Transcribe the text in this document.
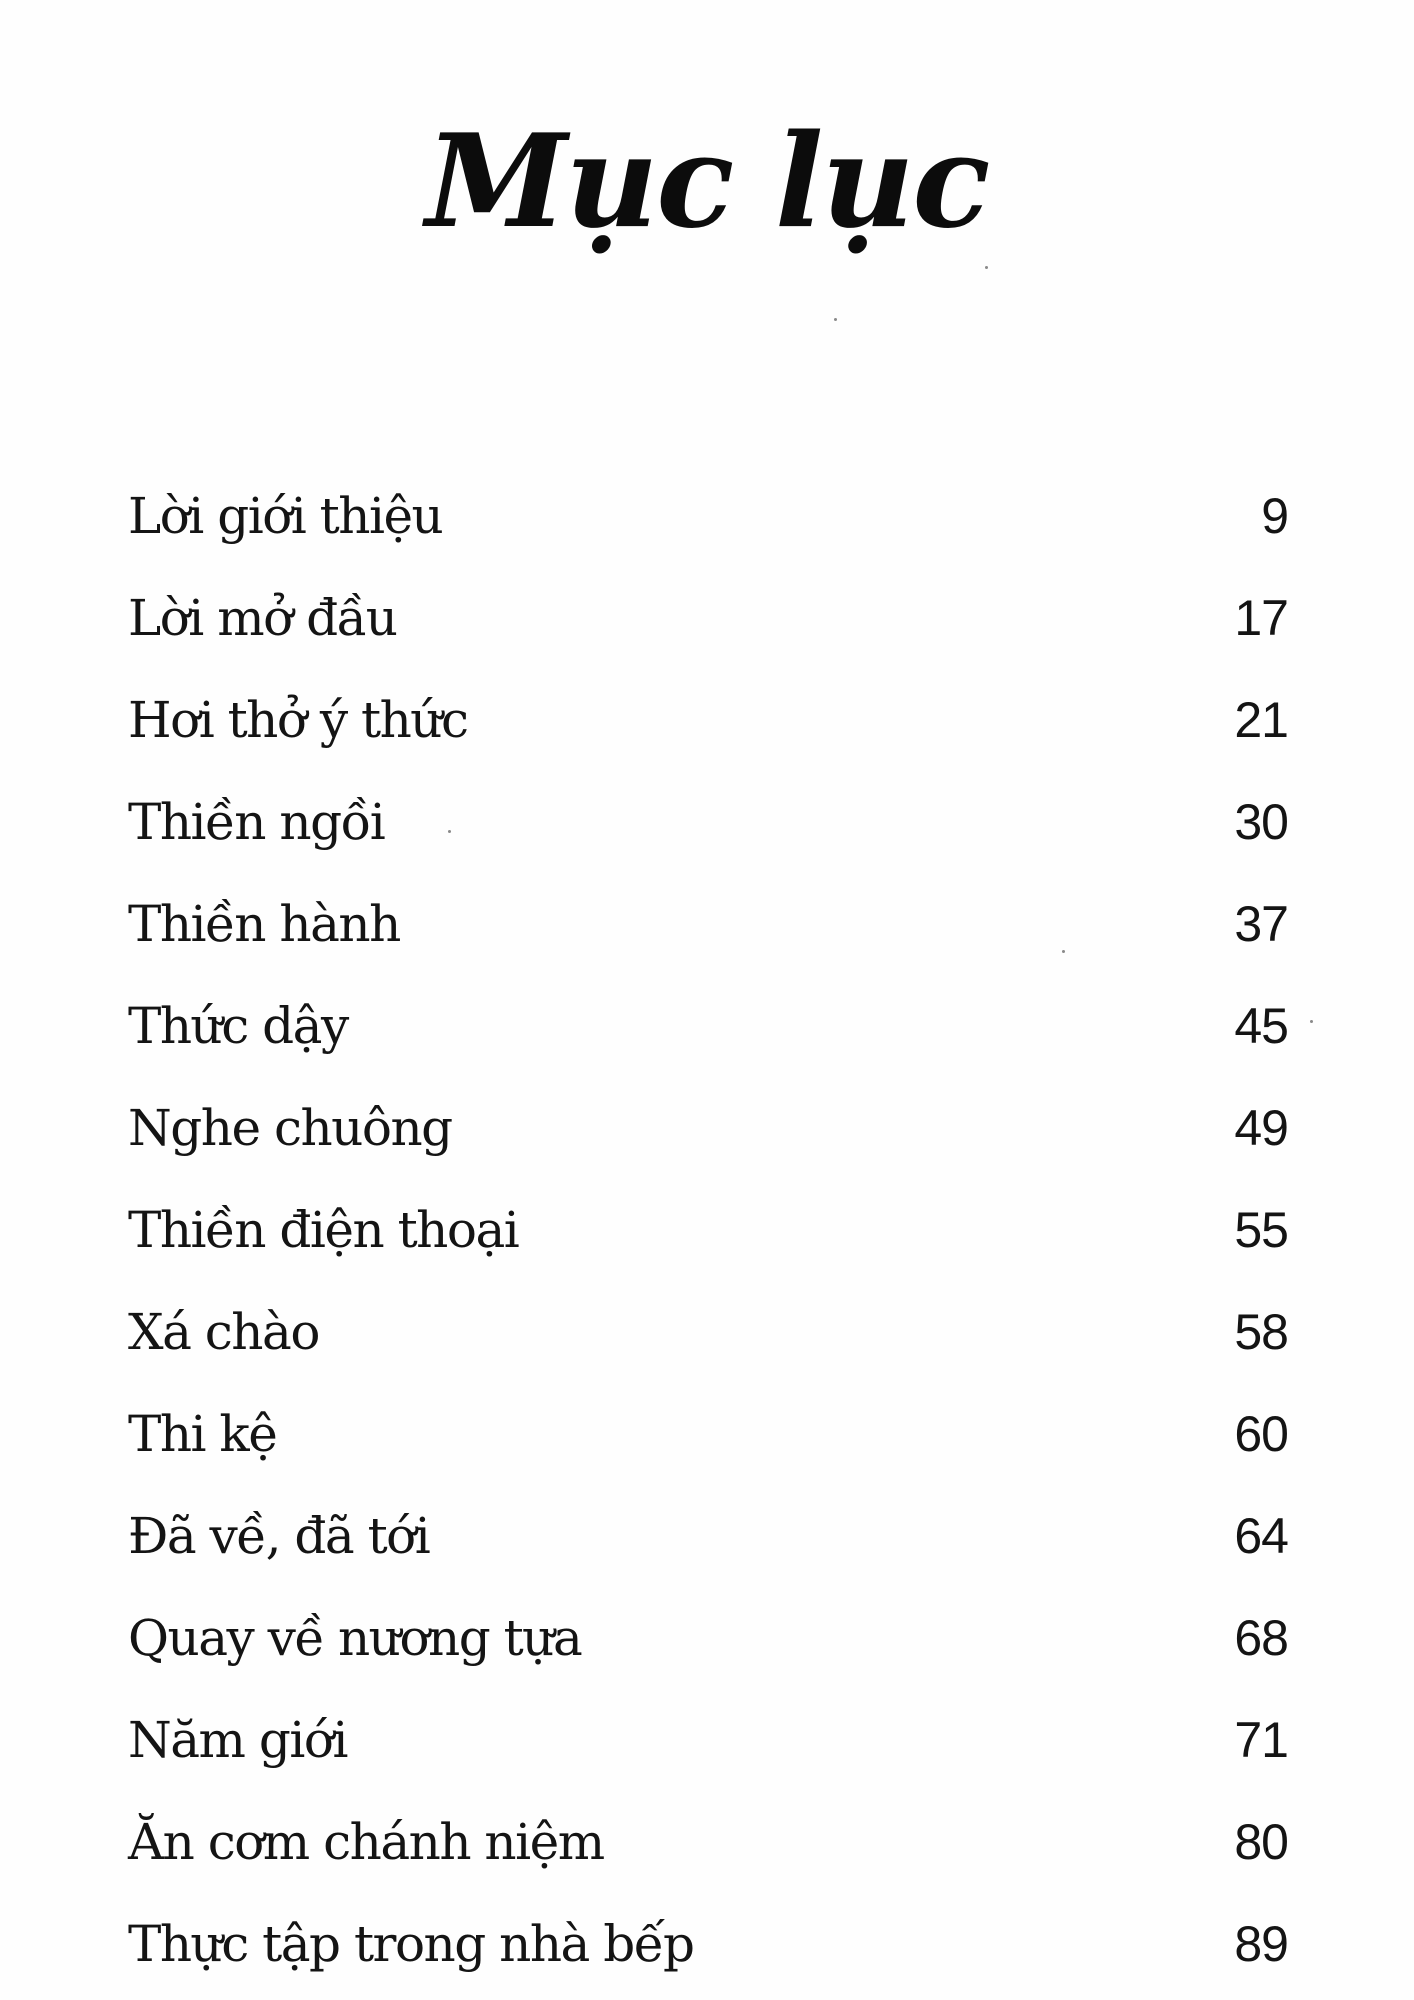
Mục lục
Lời giới thiệu	9
Lời mở đầu	17
Hơi thở ý thức	21
Thiền ngồi	30
Thiền hành	37
Thức dậy	45
Nghe chuông	49
Thiền điện thoại	55
Xá chào	58
Thi kệ	60
Đã về, đã tới	64
Quay về nương tựa	68
Năm giới	71
Ăn cơm chánh niệm	80
Thực tập trong nhà bếp	89
